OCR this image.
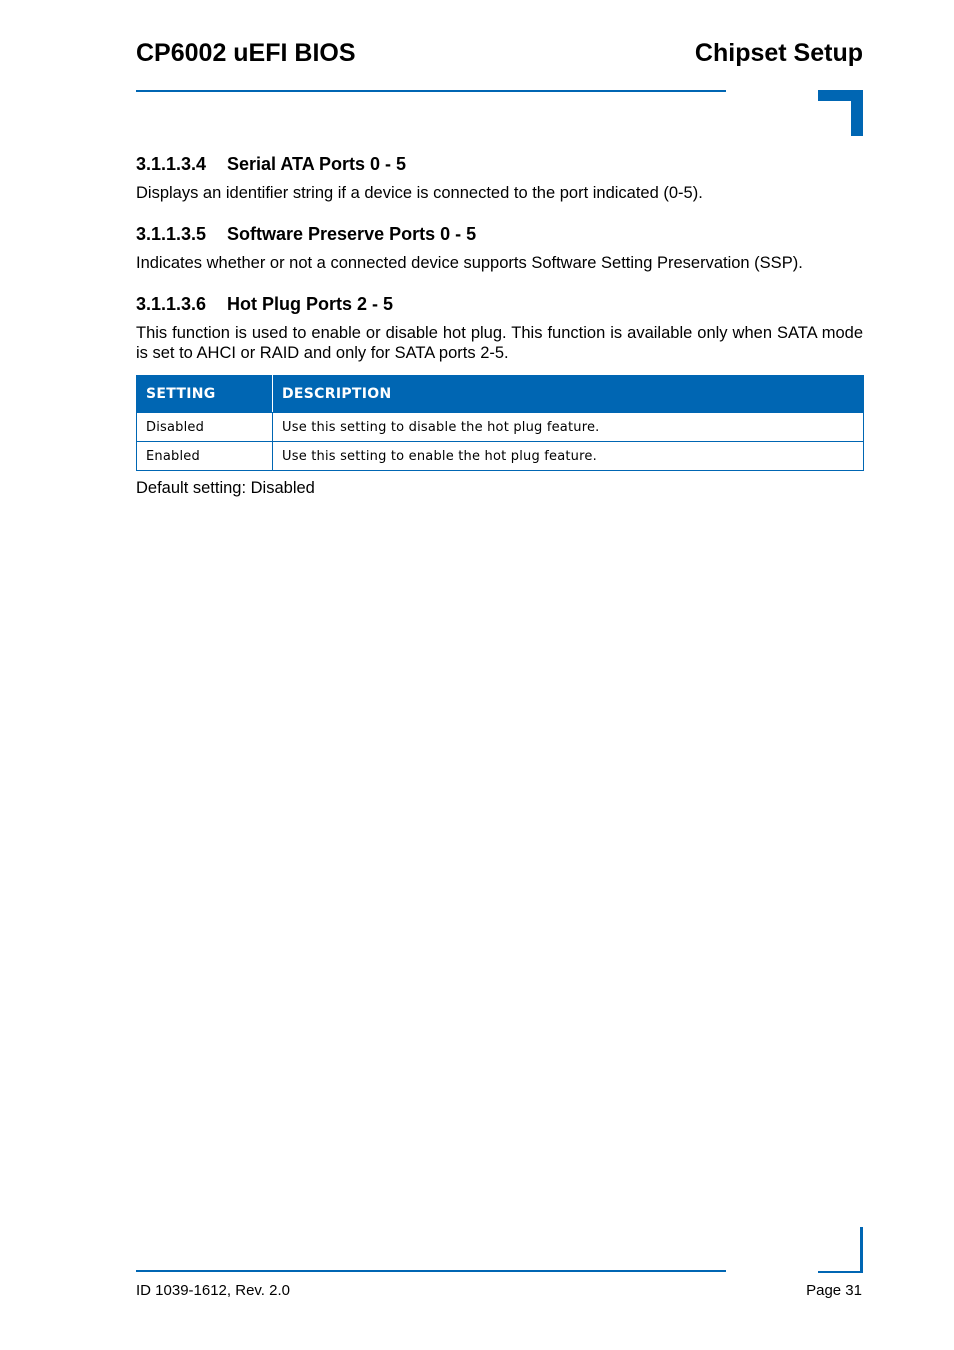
CP6002 uEFI BIOS	Chipset Setup
3.1.1.3.4 Serial ATA Ports 0 - 5

Displays an identifier string if a device is connected to the port indicated (0-5).

3.1.1.3.5 Software Preserve Ports 0 - 5

Indicates whether or not a connected device supports Software Setting Preservation (SSP).

3.1.1.3.6 Hot Plug Ports 2 - 5

This function is used to enable or disable hot plug. This function is available only when SATA mode is set to AHCI or RAID and only for SATA ports 2-5.

SETTING	DESCRIPTION
Disabled	Use this setting to disable the hot plug feature.
Enabled	Use this setting to enable the hot plug feature.

Default setting: Disabled

ID 1039-1612, Rev. 2.0	Page 31
